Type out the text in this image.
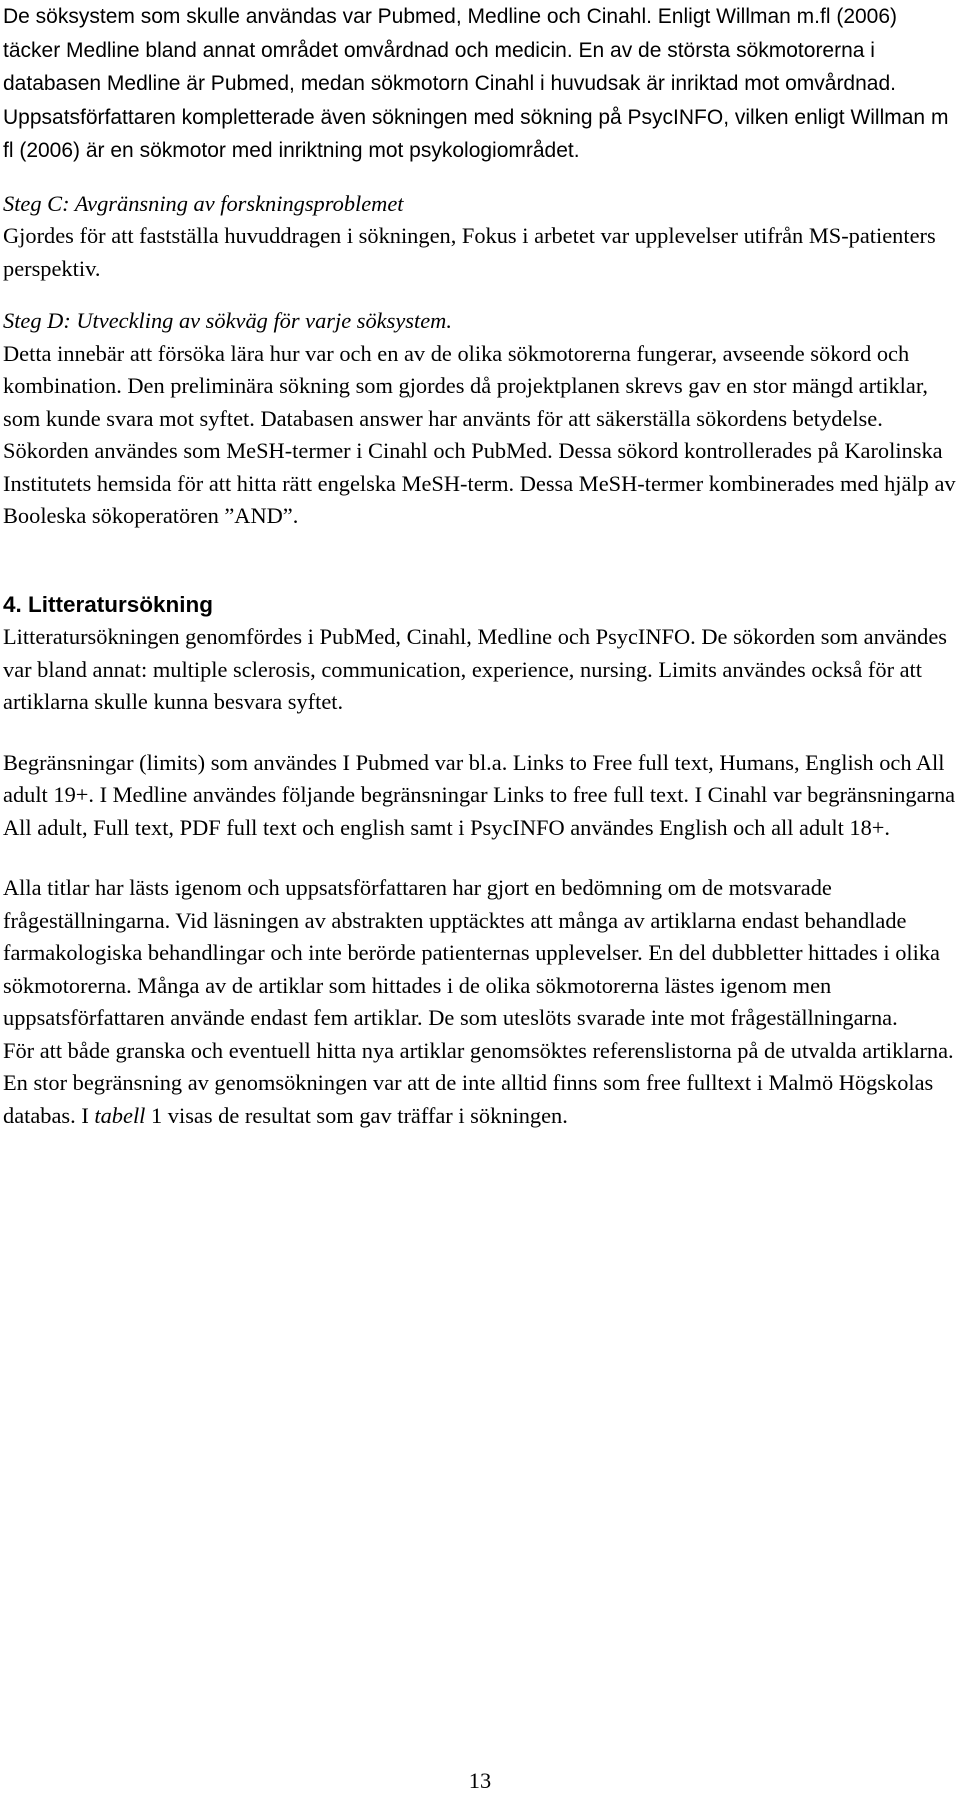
De söksystem som skulle användas var Pubmed, Medline och Cinahl. Enligt Willman m.fl (2006) täcker Medline bland annat området omvårdnad och medicin. En av de största sökmotorerna i databasen Medline är Pubmed, medan sökmotorn Cinahl i huvudsak är inriktad mot omvårdnad. Uppsatsförfattaren kompletterade även sökningen med sökning på PsycINFO, vilken enligt Willman m fl (2006) är en sökmotor med inriktning mot psykologiområdet.

Steg C: Avgränsning av forskningsproblemet

Gjordes för att fastställa huvuddragen i sökningen, Fokus i arbetet var upplevelser utifrån MS-patienters perspektiv.

Steg D: Utveckling av sökväg för varje söksystem.

Detta innebär att försöka lära hur var och en av de olika sökmotorerna fungerar, avseende sökord och kombination. Den preliminära sökning som gjordes då projektplanen skrevs gav en stor mängd artiklar, som kunde svara mot syftet. Databasen answer har använts för att säkerställa sökordens betydelse. Sökorden användes som MeSH-termer i Cinahl och PubMed. Dessa sökord kontrollerades på Karolinska Institutets hemsida för att hitta rätt engelska MeSH-term. Dessa MeSH-termer kombinerades med hjälp av Booleska sökoperatören ”AND”.

4. Litteratursökning

Litteratursökningen genomfördes i PubMed, Cinahl, Medline och PsycINFO. De sökorden som användes var bland annat: multiple sclerosis, communication, experience, nursing. Limits användes också för att artiklarna skulle kunna besvara syftet.

Begränsningar (limits) som användes I Pubmed var bl.a. Links to Free full text, Humans, English och All adult 19+. I Medline användes följande begränsningar Links to free full text. I Cinahl var begränsningarna All adult, Full text, PDF full text och english samt i PsycINFO användes English och all adult 18+.

Alla titlar har lästs igenom och uppsatsförfattaren har gjort en bedömning om de motsvarade frågeställningarna. Vid läsningen av abstrakten upptäcktes att många av artiklarna endast behandlade farmakologiska behandlingar och inte berörde patienternas upplevelser. En del dubbletter hittades i olika sökmotorerna. Många av de artiklar som hittades i de olika sökmotorerna lästes igenom men uppsatsförfattaren använde endast fem artiklar. De som uteslöts svarade inte mot frågeställningarna.

För att både granska och eventuell hitta nya artiklar genomsöktes referenslistorna på de utvalda artiklarna. En stor begränsning av genomsökningen var att de inte alltid finns som free fulltext i Malmö Högskolas databas. I tabell 1 visas de resultat som gav träffar i sökningen.

13
